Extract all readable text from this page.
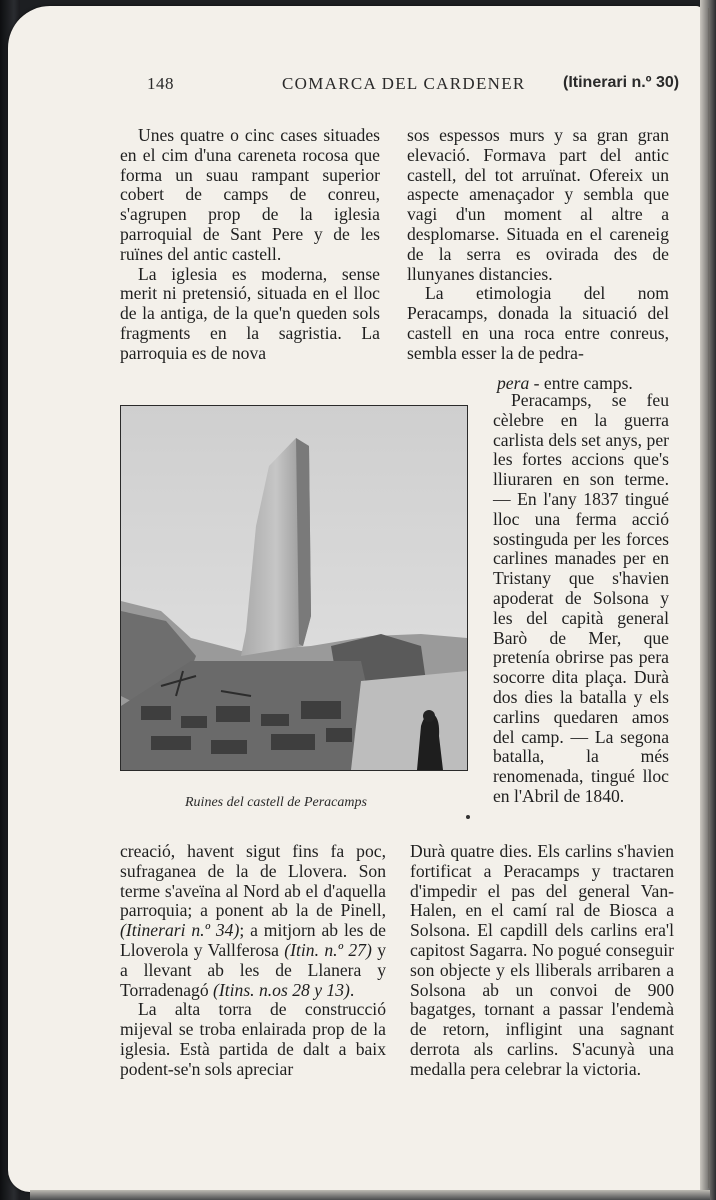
148	COMARCA DEL CARDENER (Itinerari n.º 30)

Unes quatre o cinc cases situades en el cim d'una careneta rocosa que forma un suau rampant superior cobert de camps de conreu, s'agrupen prop de la iglesia parroquial de Sant Pere y de les ruïnes del antic castell.

La iglesia es moderna, sense merit ni pretensió, situada en el lloc de la antiga, de la que'n queden sols fragments en la sagristia. La parroquia es de nova

sos espessos murs y sa gran gran elevació. Formava part del antic castell, del tot arruïnat. Ofereix un aspecte amenaçador y sembla que vagi d'un moment al altre a desplomarse. Situada en el careneig de la serra es ovirada des de llunyanes distancies.

La etimologia del nom Peracamps, donada la situació del castell en una roca entre conreus, sembla esser la de pedra-

pera - entre camps.

Peracamps, se feu cèlebre en la guerra carlista dels set anys, per les fortes accions que's lliuraren en son terme. — En l'any 1837 tingué lloc una ferma acció sostinguda per les forces carlines manades per en Tristany que s'havien apoderat de Solsona y les del capità general Barò de Mer, que pretenía obrirse pas pera socorre dita plaça. Durà dos dies la batalla y els carlins quedaren amos del camp. — La segona batalla, la més renomenada, tingué lloc en l'Abril de 1840.

Ruines del castell de Peracamps

creació, havent sigut fins fa poc, sufraganea de la de Llovera. Son terme s'aveïna al Nord ab el d'aquella parroquia; a ponent ab la de Pinell, (Itinerari n.º 34); a mitjorn ab les de Lloverola y Vallferosa (Itin. n.º 27) y a llevant ab les de Llanera y Torradenagó (Itins. n.os 28 y 13).

La alta torra de construcció mijeval se troba enlairada prop de la iglesia. Està partida de dalt a baix podent-se'n sols apreciar

Durà quatre dies. Els carlins s'havien fortificat a Peracamps y tractaren d'impedir el pas del general Van-Halen, en el camí ral de Biosca a Solsona. El capdill dels carlins era'l capitost Sagarra. No pogué conseguir son objecte y els lliberals arribaren a Solsona ab un convoi de 900 bagatges, tornant a passar l'endemà de retorn, infligint una sagnant derrota als carlins. S'acunyà una medalla pera celebrar la victoria.
